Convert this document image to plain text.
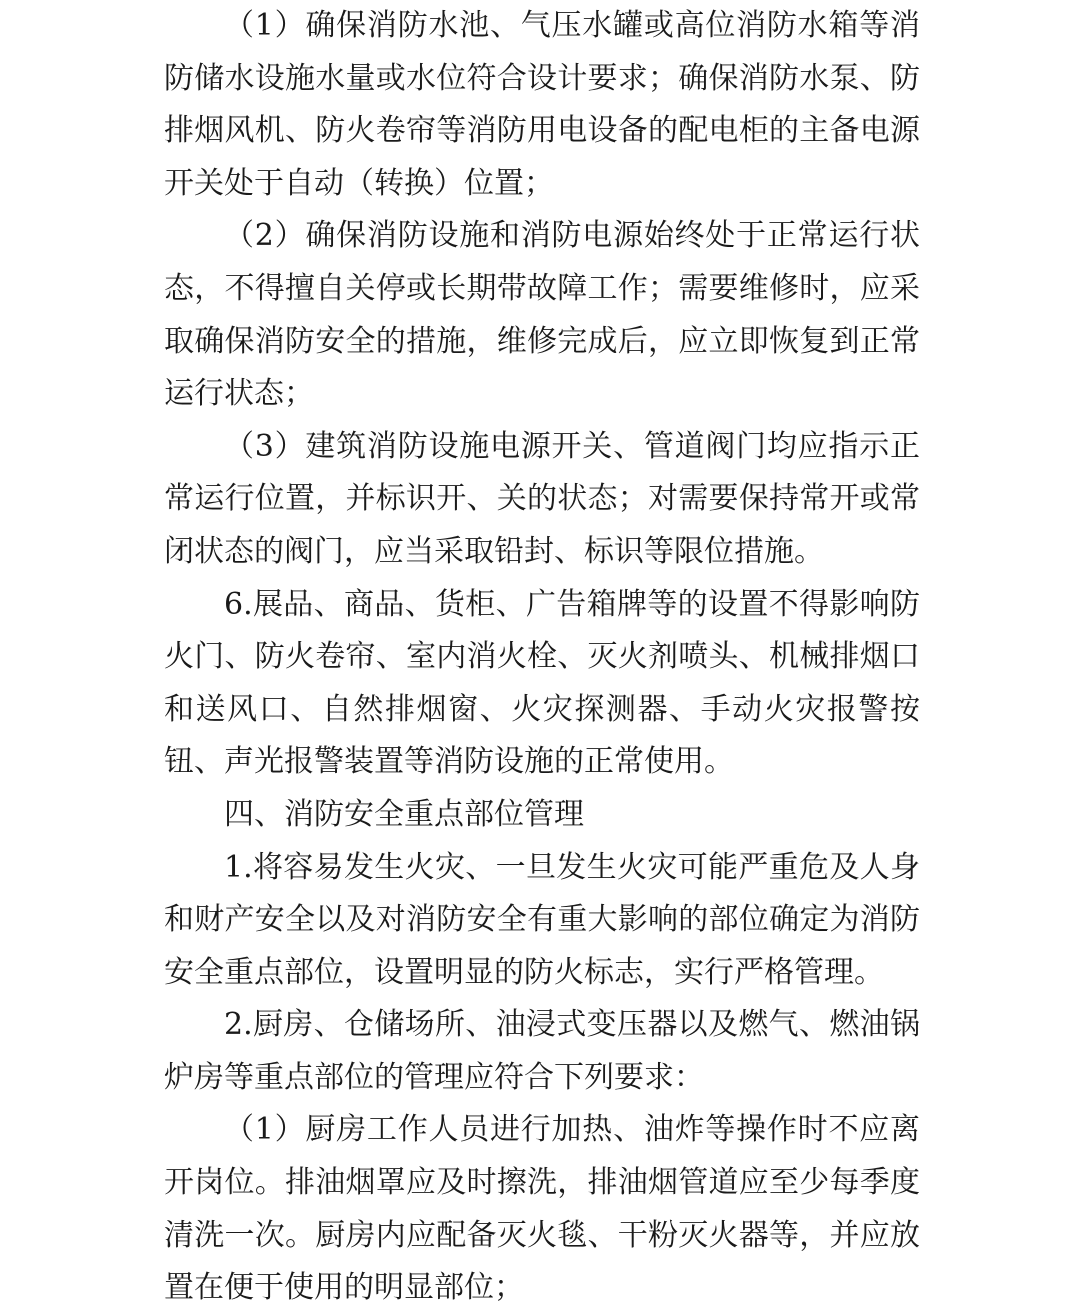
（1）确保消防水池、气压水罐或高位消防水箱等消防储水设施水量或水位符合设计要求；确保消防水泵、防排烟风机、防火卷帘等消防用电设备的配电柜的主备电源开关处于自动（转换）位置；

（2）确保消防设施和消防电源始终处于正常运行状态，不得擅自关停或长期带故障工作；需要维修时，应采取确保消防安全的措施，维修完成后，应立即恢复到正常运行状态；

（3）建筑消防设施电源开关、管道阀门均应指示正常运行位置，并标识开、关的状态；对需要保持常开或常闭状态的阀门，应当采取铅封、标识等限位措施。

6.展品、商品、货柜、广告箱牌等的设置不得影响防火门、防火卷帘、室内消火栓、灭火剂喷头、机械排烟口和送风口、自然排烟窗、火灾探测器、手动火灾报警按钮、声光报警装置等消防设施的正常使用。

四、消防安全重点部位管理

1.将容易发生火灾、一旦发生火灾可能严重危及人身和财产安全以及对消防安全有重大影响的部位确定为消防安全重点部位，设置明显的防火标志，实行严格管理。

2.厨房、仓储场所、油浸式变压器以及燃气、燃油锅炉房等重点部位的管理应符合下列要求：

（1）厨房工作人员进行加热、油炸等操作时不应离开岗位。排油烟罩应及时擦洗，排油烟管道应至少每季度清洗一次。厨房内应配备灭火毯、干粉灭火器等，并应放置在便于使用的明显部位；
